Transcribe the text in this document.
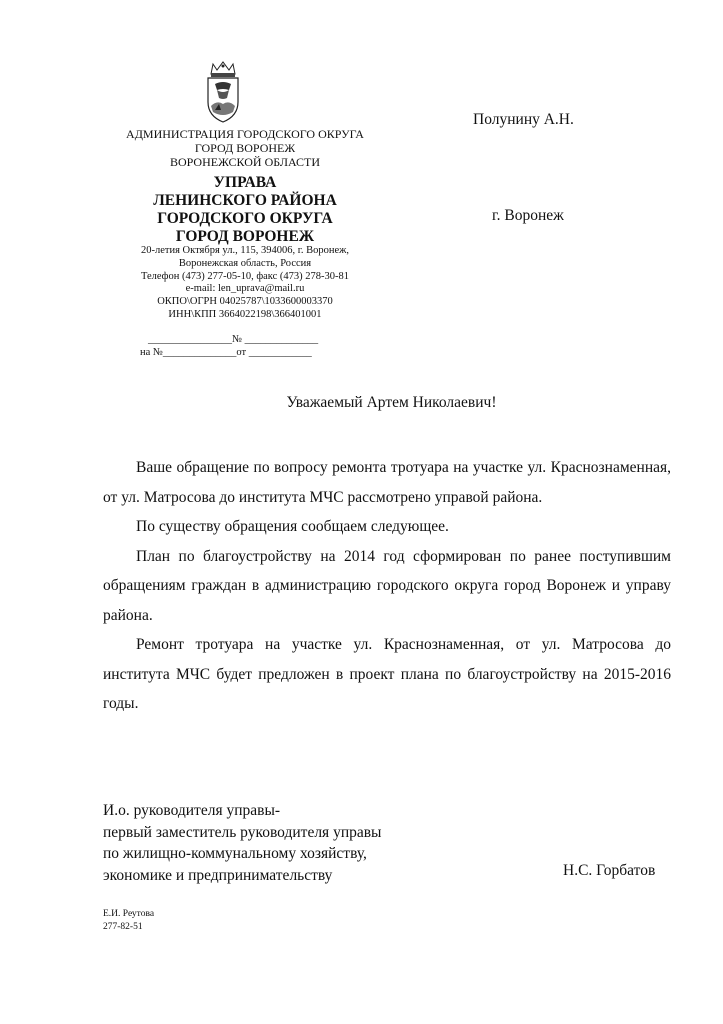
АДМИНИСТРАЦИЯ ГОРОДСКОГО ОКРУГА
ГОРОД ВОРОНЕЖ
ВОРОНЕЖСКОЙ ОБЛАСТИ
УПРАВА
ЛЕНИНСКОГО РАЙОНА
ГОРОДСКОГО ОКРУГА
ГОРОД ВОРОНЕЖ
20-летия Октября ул., 115, 394006, г. Воронеж,
Воронежская область, Россия
Телефон (473) 277-05-10, факс (473) 278-30-81
e-mail: len_uprava@mail.ru
ОКПО\ОГРН 04025787\1033600003370
ИНН\КПП 3664022198\366401001
________________№ ______________
на №______________от ____________
Полунину А.Н.
г. Воронеж
Уважаемый Артем Николаевич!

Ваше обращение по вопросу ремонта тротуара на участке ул. Краснознаменная, от ул. Матросова до института МЧС рассмотрено управой района.

По существу обращения сообщаем следующее.

План по благоустройству на 2014 год сформирован по ранее поступившим обращениям граждан в администрацию городского округа город Воронеж и управу района.

Ремонт тротуара на участке ул. Краснознаменная, от ул. Матросова до института МЧС будет предложен в проект плана по благоустройству на 2015-2016 годы.

И.о. руководителя управы-
первый заместитель руководителя управы
по жилищно-коммунальному хозяйству,
экономике и предпринимательству	Н.С. Горбатов
Е.И. Реутова
277-82-51
